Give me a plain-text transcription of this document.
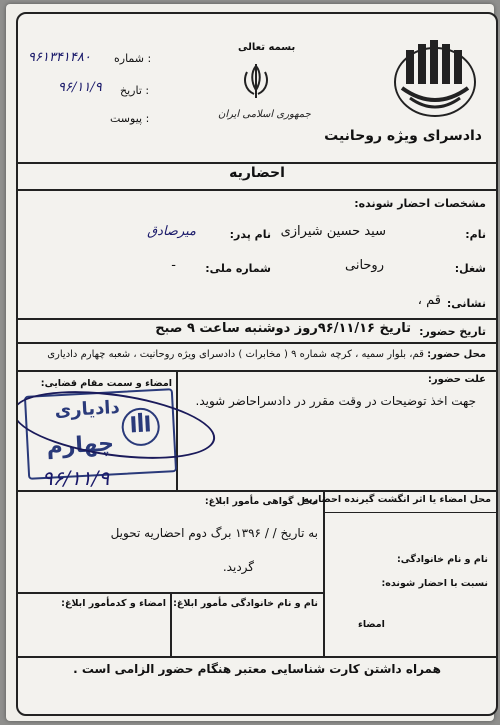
شماره :
۹۶۱۳۴۱۴۸۰
تاریخ :
۹۶/۱۱/۹
پیوست :
بسمه تعالی
جمهوری اسلامی ایران
دادسرای ویژه روحانیت
احضاریه
مشخصات احضار شونده:
نام:
سید حسین شیرازی
نام پدر:
میرصادق
شغل:
روحانی
شماره ملی:
-
نشانی:
قم ،
تاریخ حضور:
تاریخ ۹۶/۱۱/۱۶روز دوشنبه ساعت ۹ صبح
محل حضور: قم، بلوار سمیه ، کرچه شماره ۹ ( مخابرات ) دادسرای ویژه روحانیت ، شعبه چهارم دادیاری
علت حضور:
جهت اخذ توضیحات در وقت مقرر در دادسراحاضر شوید.
امضاء و سمت مقام قضایی:
دادیاری
چهارم
۹۶/۱۱/۹
محل امضاء یا اثر انگشت گیرنده احضاریه
نام و نام خانوادگی:
نسبت با احضار شونده:
امضاء
محل گواهی مأمور ابلاغ:
به تاریخ / / ۱۳۹۶ برگ دوم احضاریه تحویل
گردید.
نام و نام خانوادگی مأمور ابلاغ:
امضاء و کدمأمور ابلاغ:
همراه داشتن کارت شناسایی معتبر هنگام حضور الزامی است .
